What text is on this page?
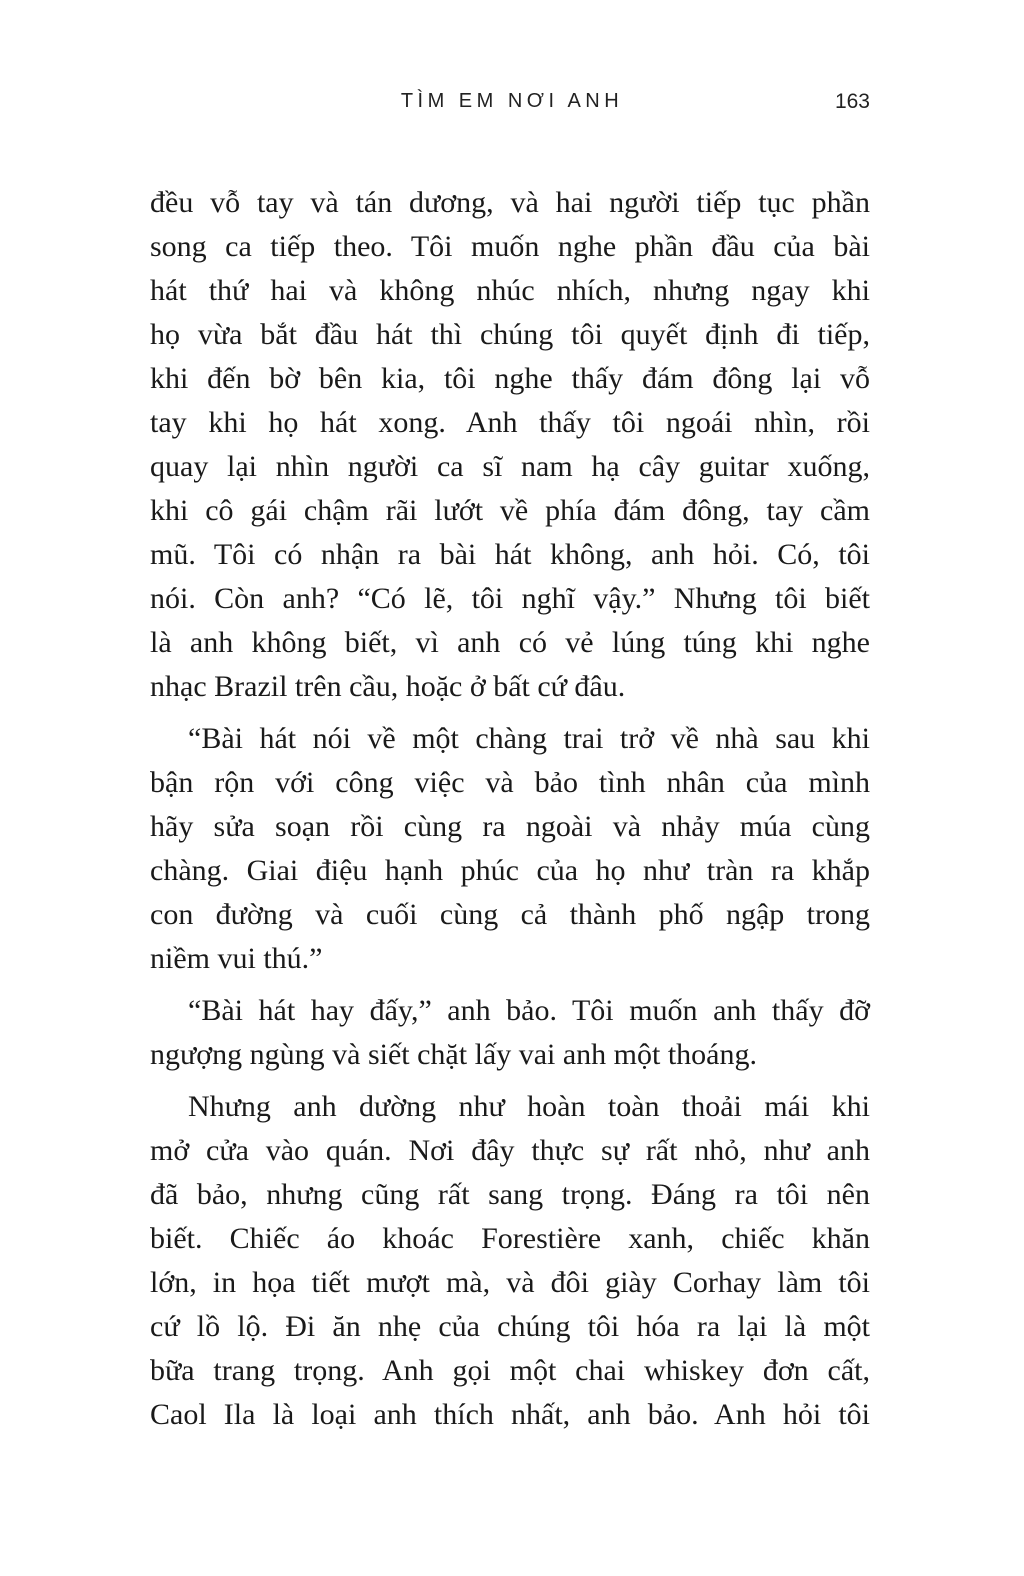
TÌM EM NƠI ANH	163
đều vỗ tay và tán dương, và hai người tiếp tục phần
song ca tiếp theo. Tôi muốn nghe phần đầu của bài
hát thứ hai và không nhúc nhích, nhưng ngay khi
họ vừa bắt đầu hát thì chúng tôi quyết định đi tiếp,
khi đến bờ bên kia, tôi nghe thấy đám đông lại vỗ
tay khi họ hát xong. Anh thấy tôi ngoái nhìn, rồi
quay lại nhìn người ca sĩ nam hạ cây guitar xuống,
khi cô gái chậm rãi lướt về phía đám đông, tay cầm
mũ. Tôi có nhận ra bài hát không, anh hỏi. Có, tôi
nói. Còn anh? “Có lẽ, tôi nghĩ vậy.” Nhưng tôi biết
là anh không biết, vì anh có vẻ lúng túng khi nghe
nhạc Brazil trên cầu, hoặc ở bất cứ đâu.
“Bài hát nói về một chàng trai trở về nhà sau khi
bận rộn với công việc và bảo tình nhân của mình
hãy sửa soạn rồi cùng ra ngoài và nhảy múa cùng
chàng. Giai điệu hạnh phúc của họ như tràn ra khắp
con đường và cuối cùng cả thành phố ngập trong
niềm vui thú.”
“Bài hát hay đấy,” anh bảo. Tôi muốn anh thấy đỡ
ngượng ngùng và siết chặt lấy vai anh một thoáng.
Nhưng anh dường như hoàn toàn thoải mái khi
mở cửa vào quán. Nơi đây thực sự rất nhỏ, như anh
đã bảo, nhưng cũng rất sang trọng. Đáng ra tôi nên
biết. Chiếc áo khoác Forestière xanh, chiếc khăn
lớn, in họa tiết mượt mà, và đôi giày Corhay làm tôi
cứ lồ lộ. Đi ăn nhẹ của chúng tôi hóa ra lại là một
bữa trang trọng. Anh gọi một chai whiskey đơn cất,
Caol Ila là loại anh thích nhất, anh bảo. Anh hỏi tôi
